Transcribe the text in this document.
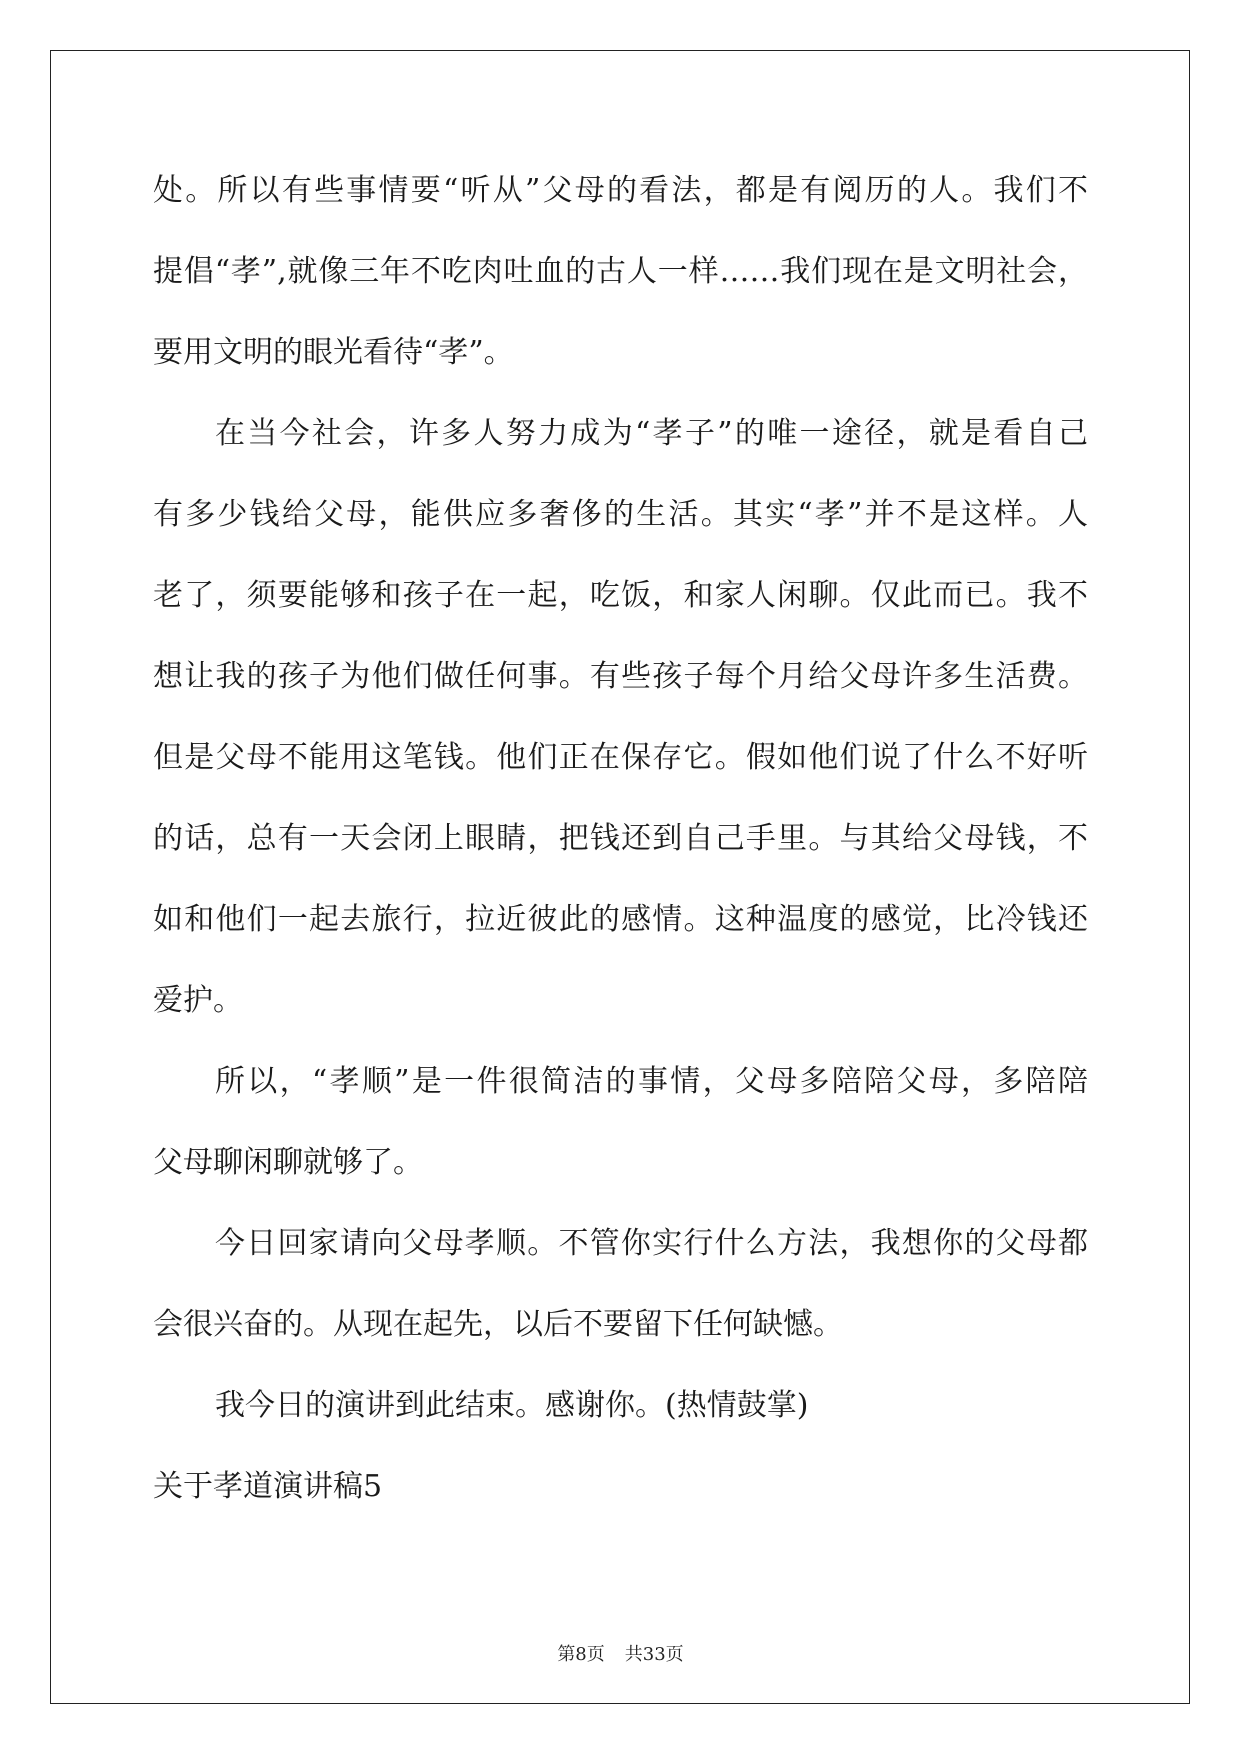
处。所以有些事情要“听从”父母的看法，都是有阅历的人。我们不
提倡“孝”,就像三年不吃肉吐血的古人一样……我们现在是文明社会，
要用文明的眼光看待“孝”。
在当今社会，许多人努力成为“孝子”的唯一途径，就是看自己
有多少钱给父母，能供应多奢侈的生活。其实“孝”并不是这样。人
老了，须要能够和孩子在一起，吃饭，和家人闲聊。仅此而已。我不
想让我的孩子为他们做任何事。有些孩子每个月给父母许多生活费。
但是父母不能用这笔钱。他们正在保存它。假如他们说了什么不好听
的话，总有一天会闭上眼睛，把钱还到自己手里。与其给父母钱，不
如和他们一起去旅行，拉近彼此的感情。这种温度的感觉，比冷钱还
爱护。
所以，“孝顺”是一件很简洁的事情，父母多陪陪父母，多陪陪
父母聊闲聊就够了。
今日回家请向父母孝顺。不管你实行什么方法，我想你的父母都
会很兴奋的。从现在起先，以后不要留下任何缺憾。
我今日的演讲到此结束。感谢你。(热情鼓掌)
关于孝道演讲稿5
第8页 共33页
